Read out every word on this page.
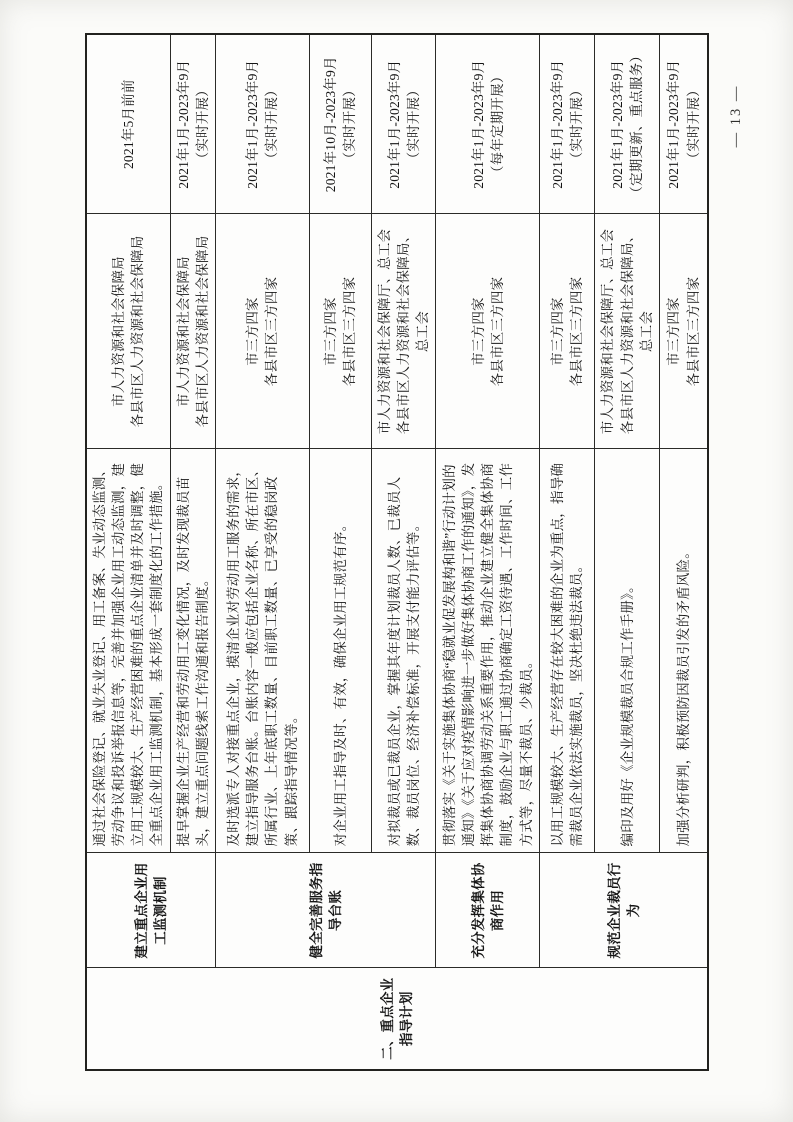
二、重点企业指导计划	建立重点企业用工监测机制	通过社会保险登记、就业失业登记、用工备案、失业动态监测、劳动争议和投诉举报信息等，完善并加强企业用工动态监测，建立用工规模较大、生产经营困难的重点企业清单并及时调整，健全重点企业用工监测机制，基本形成一套制度化的工作措施。	市人力资源和社会保障局
各县市区人力资源和社会保障局	2021年5月前前
		提早掌握企业生产经营和劳动用工变化情况，及时发现裁员苗头，建立重点问题线索工作沟通和报告制度。	市人力资源和社会保障局
各县市区人力资源和社会保障局	2021年1月-2023年9月
（实时开展）
	健全完善服务指导台账	及时选派专人对接重点企业，摸清企业对劳动用工服务的需求，建立指导服务台账。台账内容一般应包括企业名称、所在市区、所属行业、上年底职工数量、目前职工数量、已享受的稳岗政策、跟踪指导情况等。	市三方四家
各县市区三方四家	2021年1月-2023年9月
（实时开展）
		对企业用工指导及时、有效，确保企业用工规范有序。	市三方四家
各县市区三方四家	2021年10月-2023年9月
（实时开展）
		对拟裁员或已裁员企业，掌握其年度计划裁员人数、已裁员人数、裁员岗位、经济补偿标准，开展支付能力评估等。	市人力资源和社会保障厅、总工会
各县市区人力资源和社会保障局、
总工会	2021年1月-2023年9月
（实时开展）
	充分发挥集体协商作用	贯彻落实《关于实施集体协商“稳就业促发展构和谐”行动计划的通知》《关于应对疫情影响进一步做好集体协商工作的通知》，发挥集体协商协调劳动关系重要作用，推动企业建立健全集体协商制度，鼓励企业与职工通过协商确定工资待遇、工作时间、工作方式等，尽量不裁员、少裁员。	市三方四家
各县市区三方四家	2021年1月-2023年9月
（每年定期开展）
	规范企业裁员行为	以用工规模较大、生产经营存在较大困难的企业为重点，指导确需裁员企业依法实施裁员，坚决杜绝违法裁员。	市三方四家
各县市区三方四家	2021年1月-2023年9月
（实时开展）
		编印及用好《企业规模裁员合规工作手册》。	市人力资源和社会保障厅、总工会
各县市区人力资源和社会保障局、
总工会	2021年1月-2023年9月
（定期更新、重点服务）
		加强分析研判，积极预防因裁员引发的矛盾风险。	市三方四家
各县市区三方四家	2021年1月-2023年9月
（实时开展） — 13 —
